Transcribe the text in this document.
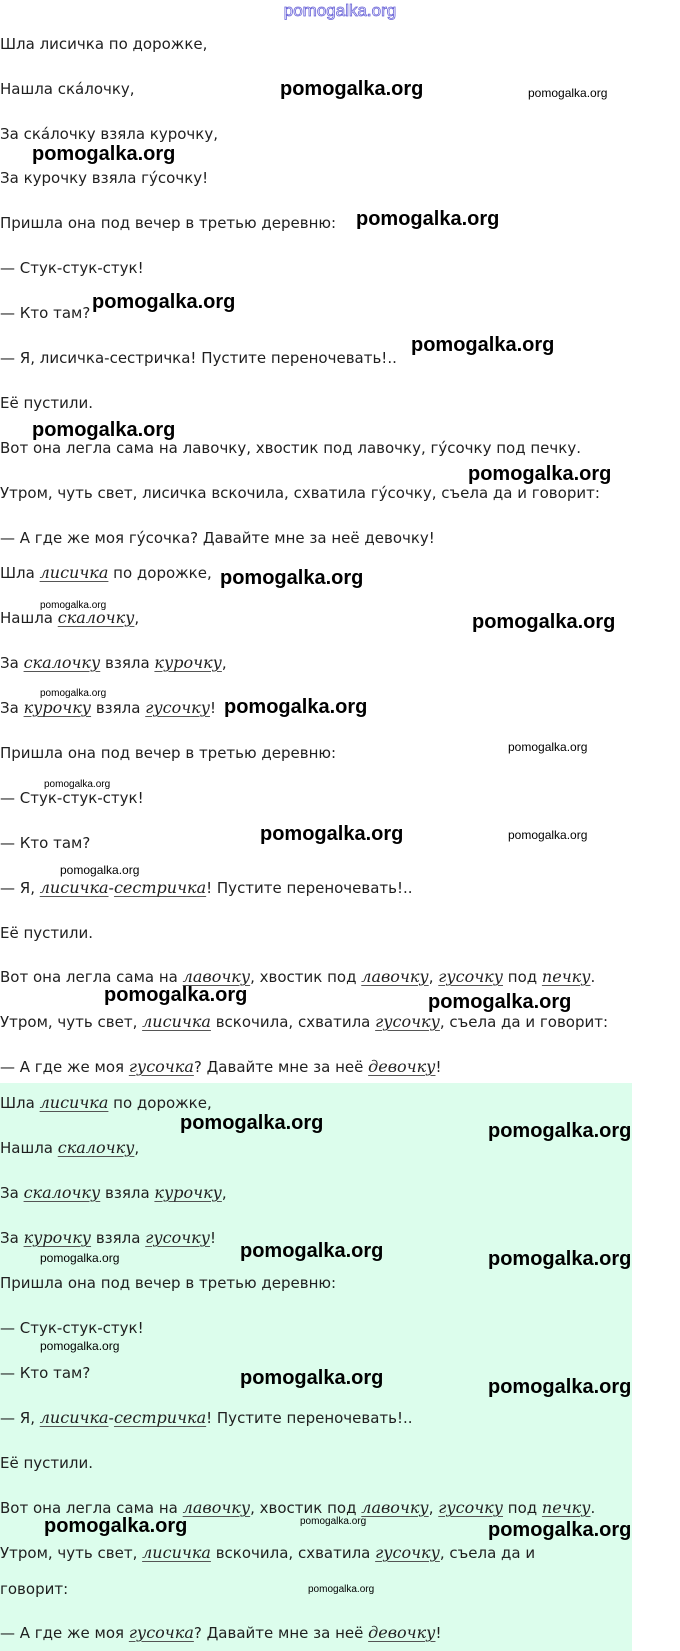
pomogalka.org
Шла лисичка по дорожке,
Нашла ска́лочку,
За ска́лочку взяла курочку,
За курочку взяла гу́сочку!
Пришла она под вечер в третью деревню:
— Стук-стук-стук!
— Кто там?
— Я, лисичка-сестричка! Пустите переночевать!..
Её пустили.
Вот она легла сама на лавочку, хвостик под лавочку, гу́сочку под печку.
Утром, чуть свет, лисичка вскочила, схватила гу́сочку, съела да и говорит:
— А где же моя гу́сочка? Давайте мне за неё девочку!
Шла лисичка по дорожке,
Нашла скалочку,
За скалочку взяла курочку,
За курочку взяла гусочку!
Пришла она под вечер в третью деревню:
— Стук-стук-стук!
— Кто там?
— Я, лисичка-сестричка! Пустите переночевать!..
Её пустили.
Вот она легла сама на лавочку, хвостик под лавочку, гусочку под печку.
Утром, чуть свет, лисичка вскочила, схватила гусочку, съела да и говорит:
— А где же моя гусочка? Давайте мне за неё девочку!
Шла лисичка по дорожке,
Нашла скалочку,
За скалочку взяла курочку,
За курочку взяла гусочку!
Пришла она под вечер в третью деревню:
— Стук-стук-стук!
— Кто там?
— Я, лисичка-сестричка! Пустите переночевать!..
Её пустили.
Вот она легла сама на лавочку, хвостик под лавочку, гусочку под печку.
Утром, чуть свет, лисичка вскочила, схватила гусочку, съела да и
говорит:
— А где же моя гусочка? Давайте мне за неё девочку!
pomogalka.org	pomogalka.org
pomogalka.org
pomogalka.org
pomogalka.org
pomogalka.org
pomogalka.org
pomogalka.org
pomogalka.org
pomogalka.org
pomogalka.org
pomogalka.org
pomogalka.org
pomogalka.org
pomogalka.org
pomogalka.org	pomogalka.org
pomogalka.org
pomogalka.org	pomogalka.org
pomogalka.org	pomogalka.org
pomogalka.org	pomogalka.org	pomogalka.org
pomogalka.org
pomogalka.org	pomogalka.org
pomogalka.org	pomogalka.org	pomogalka.org
pomogalka.org
